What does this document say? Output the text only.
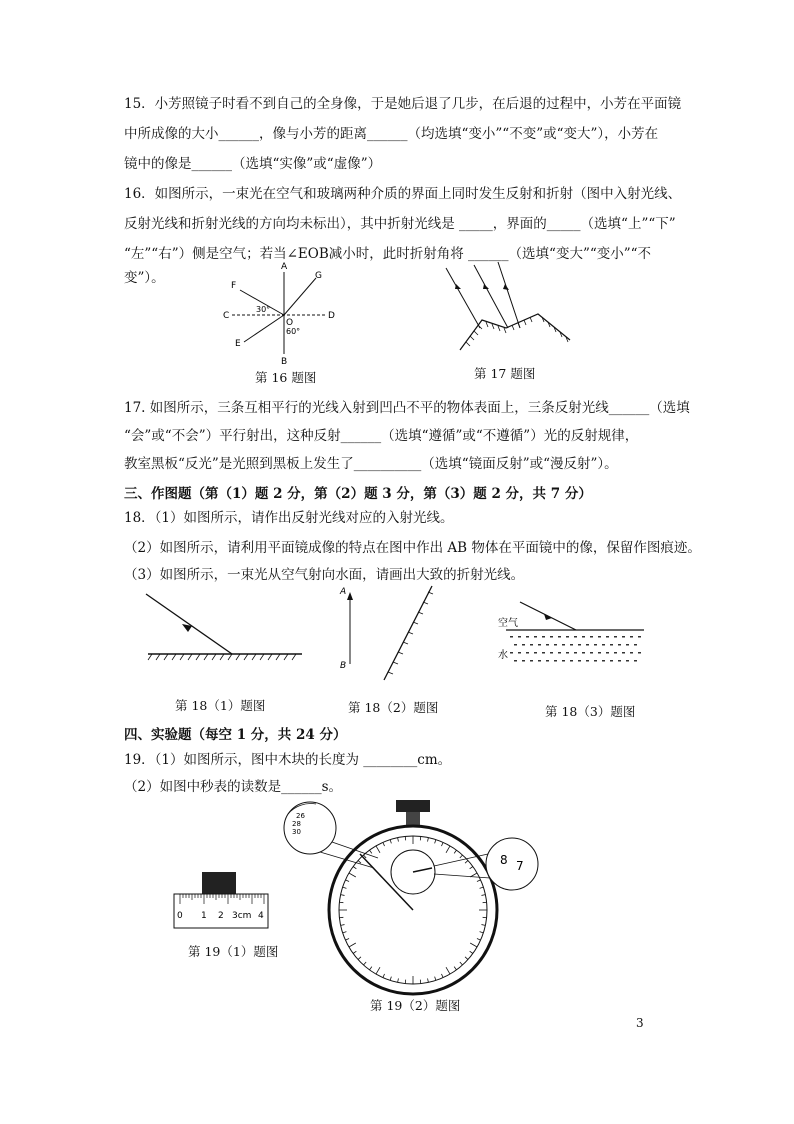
15．小芳照镜子时看不到自己的全身像，于是她后退了几步，在后退的过程中，小芳在平面镜
中所成像的大小______，像与小芳的距离______（均选填“变小”“不变”或“变大”），小芳在
镜中的像是______（选填“实像”或“虚像”）
16．如图所示，一束光在空气和玻璃两种介质的界面上同时发生反射和折射（图中入射光线、
反射光线和折射光线的方向均未标出），其中折射光线是 _____，界面的_____（选填“上”“下”
“左”“右”）侧是空气；若当∠EOB减小时，此时折射角将 ______（选填“变大”“变小”“不
变”）。
A
B
C	D
E
F
G
O
30°
60°
第 16 题图	第 17 题图
17. 如图所示，三条互相平行的光线入射到凹凸不平的物体表面上，三条反射光线______（选填
“会”或“不会”）平行射出，这种反射______（选填“遵循”或“不遵循”）光的反射规律，
教室黑板“反光”是光照到黑板上发生了__________（选填“镜面反射”或“漫反射”）。
三、作图题（第（1）题 2 分，第（2）题 3 分，第（3）题 2 分，共 7 分）
18．（1）如图所示，请作出反射光线对应的入射光线。
（2）如图所示，请利用平面镜成像的特点在图中作出 AB 物体在平面镜中的像，保留作图痕迹。
（3）如图所示，一束光从空气射向水面，请画出大致的折射光线。
第 18（1）题图
A
B
第 18（2）题图
空气
水
第 18（3）题图
四、实验题（每空 1 分，共 24 分）
19．（1）如图所示，图中木块的长度为 ________cm。
（2）如图中秒表的读数是______s。
0 1 2 3cm 4
第 19（1）题图
26
28
30
8 7
第 19（2）题图
3
